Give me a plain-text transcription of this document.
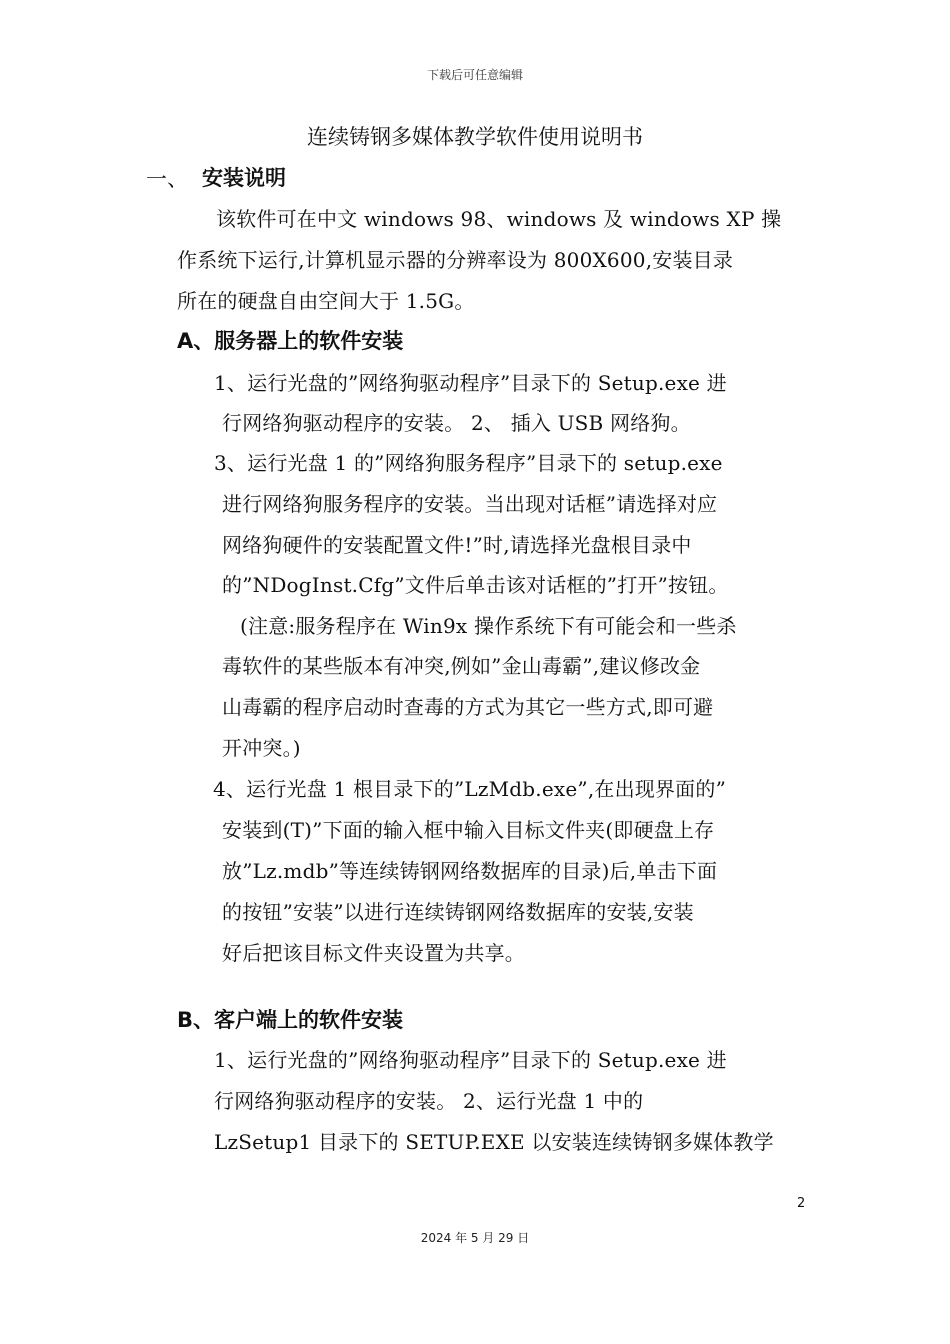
下载后可任意编辑
连续铸钢多媒体教学软件使用说明书
一、 安装说明
该软件可在中文 windows 98、windows 及 windows XP 操
作系统下运行,计算机显示器的分辨率设为 800X600,安装目录
所在的硬盘自由空间大于 1.5G。
A、服务器上的软件安装
1、运行光盘的”网络狗驱动程序”目录下的 Setup.exe 进
行网络狗驱动程序的安装。 2、 插入 USB 网络狗。
3、运行光盘 1 的”网络狗服务程序”目录下的 setup.exe
进行网络狗服务程序的安装。当出现对话框”请选择对应
网络狗硬件的安装配置文件!”时,请选择光盘根目录中
的”NDogInst.Cfg”文件后单击该对话框的”打开”按钮。
(注意:服务程序在 Win9x 操作系统下有可能会和一些杀
毒软件的某些版本有冲突,例如”金山毒霸”,建议修改金
山毒霸的程序启动时查毒的方式为其它一些方式,即可避
开冲突。)
4、运行光盘 1 根目录下的”LzMdb.exe”,在出现界面的”
安装到(T)”下面的输入框中输入目标文件夹(即硬盘上存
放”Lz.mdb”等连续铸钢网络数据库的目录)后,单击下面
的按钮”安装”以进行连续铸钢网络数据库的安装,安装
好后把该目标文件夹设置为共享。
B、客户端上的软件安装
1、运行光盘的”网络狗驱动程序”目录下的 Setup.exe 进
行网络狗驱动程序的安装。 2、运行光盘 1 中的
LzSetup1 目录下的 SETUP.EXE 以安装连续铸钢多媒体教学
2
2024 年 5 月 29 日
